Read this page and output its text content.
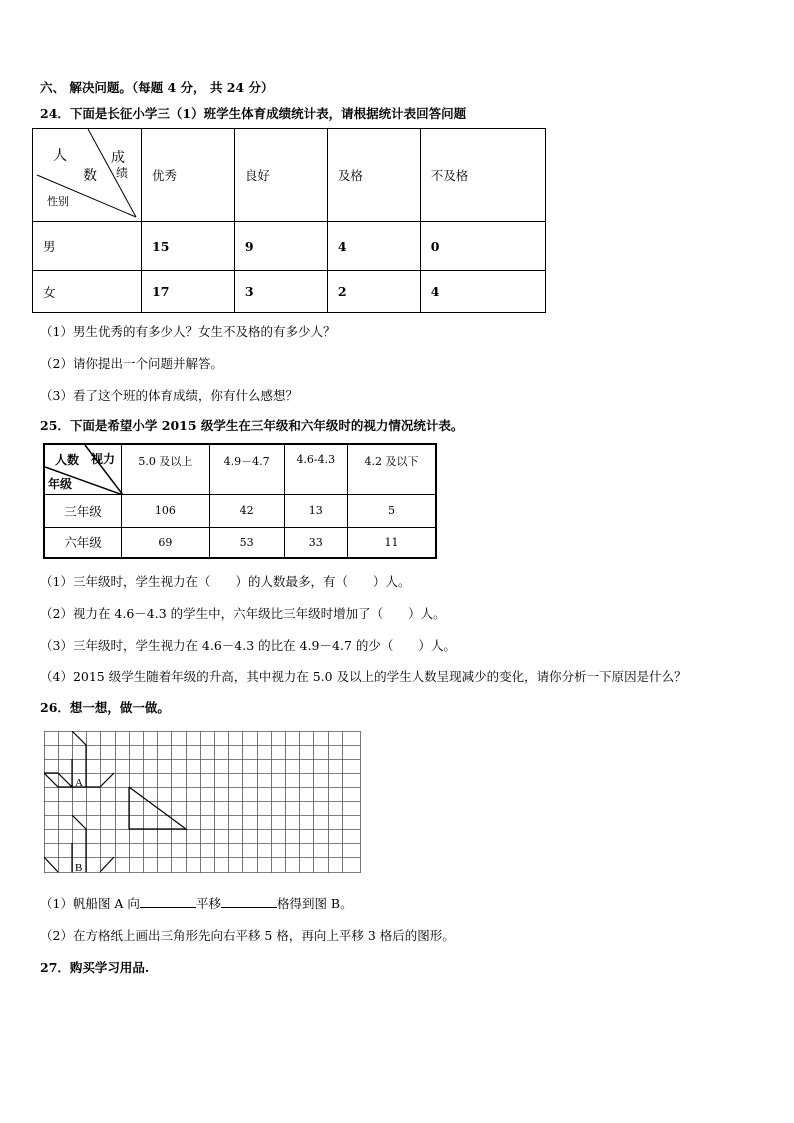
六、 解决问题。（每题 4 分， 共 24 分）
24．下面是长征小学三（1）班学生体育成绩统计表，请根据统计表回答问题
人
数
成
绩
性别	优秀	良好	及格	不及格
男	15	9	4	0
女	17	3	2	4
（1）男生优秀的有多少人？女生不及格的有多少人？
（2）请你提出一个问题并解答。
（3）看了这个班的体育成绩，你有什么感想？
25．下面是希望小学 2015 级学生在三年级和六年级时的视力情况统计表。
人数 视力
年级	5.0 及以上	4.9－4.7	4.6-4.3	4.2 及以下
三年级	106	42	13	5
六年级	69	53	33	11
（1）三年级时，学生视力在（　　）的人数最多，有（　　）人。
（2）视力在 4.6－4.3 的学生中，六年级比三年级时增加了（　　）人。
（3）三年级时，学生视力在 4.6－4.3 的比在 4.9－4.7 的少（　　）人。
（4）2015 级学生随着年级的升高，其中视力在 5.0 及以上的学生人数呈现减少的变化，请你分析一下原因是什么？
26．想一想，做一做。
A
B
（1）帆船图 A 向	平移	格得到图 B。
（2）在方格纸上画出三角形先向右平移 5 格，再向上平移 3 格后的图形。
27．购买学习用品.
